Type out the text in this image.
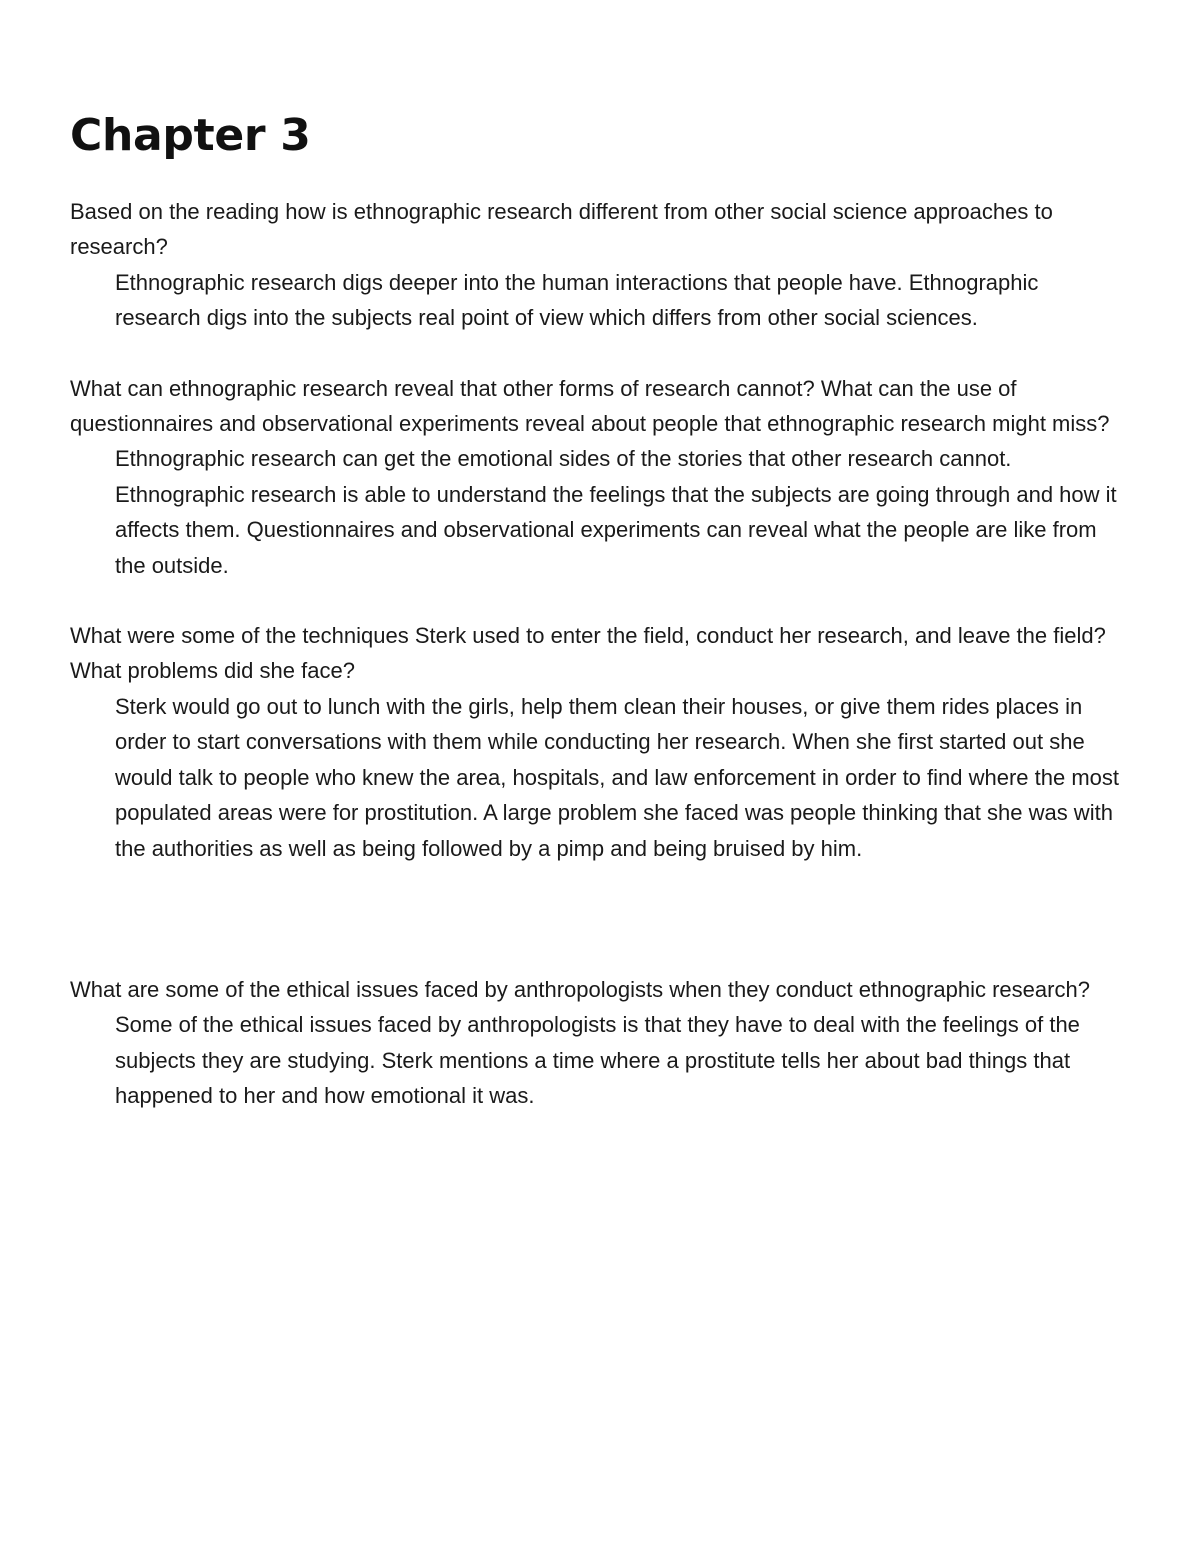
Chapter 3

Based on the reading how is ethnographic research different from other social science approaches to research?

Ethnographic research digs deeper into the human interactions that people have. Ethnographic research digs into the subjects real point of view which differs from other social sciences.

What can ethnographic research reveal that other forms of research cannot? What can the use of questionnaires and observational experiments reveal about people that ethnographic research might miss?

Ethnographic research can get the emotional sides of the stories that other research cannot. Ethnographic research is able to understand the feelings that the subjects are going through and how it affects them. Questionnaires and observational experiments can reveal what the people are like from the outside.

What were some of the techniques Sterk used to enter the field, conduct her research, and leave the field? What problems did she face?

Sterk would go out to lunch with the girls, help them clean their houses, or give them rides places in order to start conversations with them while conducting her research. When she first started out she would talk to people who knew the area, hospitals, and law enforcement in order to find where the most populated areas were for prostitution. A large problem she faced was people thinking that she was with the authorities as well as being followed by a pimp and being bruised by him.

What are some of the ethical issues faced by anthropologists when they conduct ethnographic research?

Some of the ethical issues faced by anthropologists is that they have to deal with the feelings of the subjects they are studying. Sterk mentions a time where a prostitute tells her about bad things that happened to her and how emotional it was.
